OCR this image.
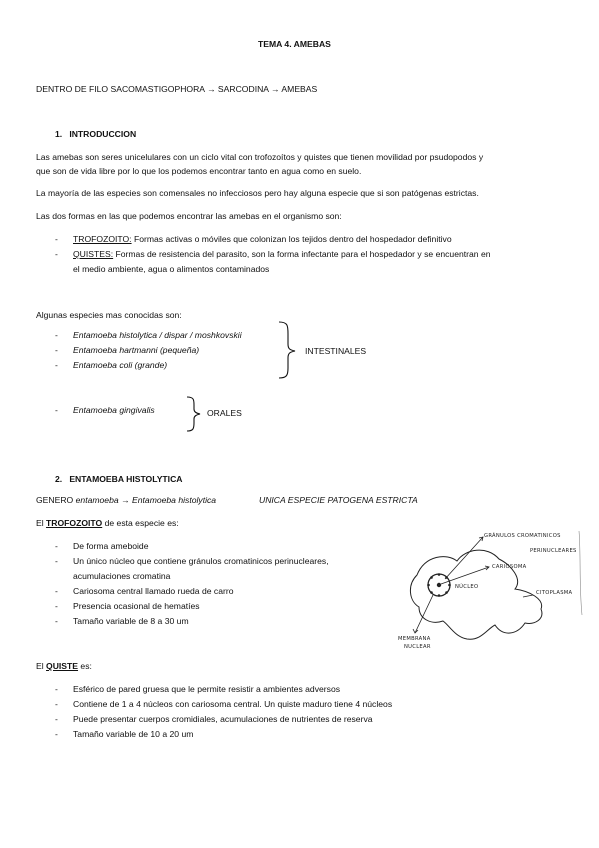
TEMA 4. AMEBAS
DENTRO DE FILO SACOMASTIGOPHORA → SARCODINA → AMEBAS
1.   INTRODUCCION
Las amebas son seres unicelulares con un ciclo vital con trofozoítos y quistes que tienen movilidad por psudopodos y
que son de vida libre por lo que los podemos encontrar tanto en agua como en suelo.
La mayoría de las especies son comensales no infecciosos pero hay alguna especie que si son patógenas estrictas.
Las dos formas en las que podemos encontrar las amebas en el organismo son:
- TROFOZOITO: Formas activas o móviles que colonizan los tejidos dentro del hospedador definitivo
- QUISTES: Formas de resistencia del parasito, son la forma infectante para el hospedador y se encuentran en
el medio ambiente, agua o alimentos contaminados
Algunas especies mas conocidas son:
- Entamoeba histolytica / dispar / moshkovskii
- Entamoeba hartmanni (pequeña)
- Entamoeba coli (grande)
INTESTINALES
- Entamoeba gingivalis	ORALES
2.   ENTAMOEBA HISTOLYTICA
GENERO entamoeba → Entamoeba histolytica	UNICA ESPECIE PATOGENA ESTRICTA
El TROFOZOITO de esta especie es:
- De forma ameboide
- Un único núcleo que contiene gránulos cromatinicos perinucleares,
acumulaciones cromatina
- Cariosoma central llamado rueda de carro
- Presencia ocasional de hematíes
- Tamaño variable de 8 a 30 um
GRÁNULOS CROMATINICOS
PERINUCLEARES
CARIOSOMA
NÚCLEO
CITOPLASMA
MEMBRANA
NUCLEAR
El QUISTE es:
- Esférico de pared gruesa que le permite resistir a ambientes adversos
- Contiene de 1 a 4 núcleos con cariosoma central. Un quiste maduro tiene 4 núcleos
- Puede presentar cuerpos cromidiales, acumulaciones de nutrientes de reserva
- Tamaño variable de 10 a 20 um
